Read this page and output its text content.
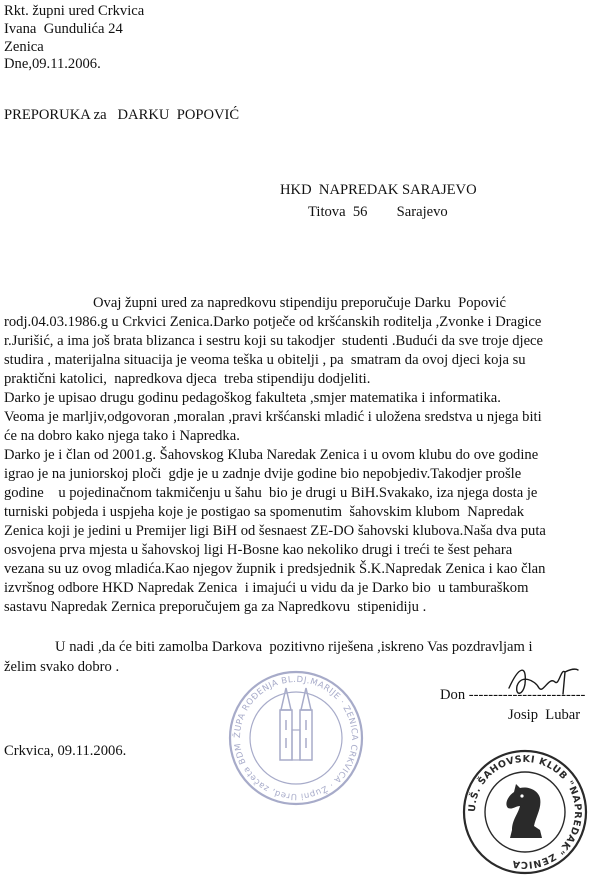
Rkt. župni ured Crkvica
Ivana  Gundulića 24
Zenica
Dne,09.11.2006.
PREPORUKA za   DARKU  POPOVIĆ
HKD  NAPREDAK SARAJEVO
Titova  56        Sarajevo
Ovaj župni ured za napredkovu stipendiju preporučuje Darku  Popović
rodj.04.03.1986.g u Crkvici Zenica.Darko potječe od kršćanskih roditelja ,Zvonke i Dragice
r.Jurišić, a ima još brata blizanca i sestru koji su takodjer  studenti .Budući da sve troje djece
studira , materijalna situacija je veoma teška u obitelji , pa  smatram da ovoj djeci koja su
praktični katolici,  napredkova djeca  treba stipendiju dodjeliti.
Darko je upisao drugu godinu pedagoškog fakulteta ,smjer matematika i informatika.
Veoma je marljiv,odgovoran ,moralan ,pravi kršćanski mladić i uložena sredstva u njega biti
će na dobro kako njega tako i Napredka.
Darko je i član od 2001.g. Šahovskog Kluba Naredak Zenica i u ovom klubu do ove godine
igrao je na juniorskoj ploči  gdje je u zadnje dvije godine bio nepobjediv.Takodjer prošle
godine    u pojedinačnom takmičenju u šahu  bio je drugi u BiH.Svakako, iza njega dosta je
turniski pobjeda i uspjeha koje je postigao sa spomenutim  šahovskim klubom  Napredak
Zenica koji je jedini u Premijer ligi BiH od šesnaest ZE-DO šahovski klubova.Naša dva puta
osvojena prva mjesta u šahovskoj ligi H-Bosne kao nekoliko drugi i treći te šest pehara
vezana su uz ovog mladića.Kao njegov župnik i predsjednik Š.K.Napredak Zenica i kao član
izvršnog odbore HKD Napredak Zenica  i imajući u vidu da je Darko bio  u tamburaškom
sastavu Napredak Zernica preporučujem ga za Napredkovu  stipenidiju .
U nadi ,da će biti zamolba Darkova  pozitivno riješena ,iskreno Vas pozdravljam i
želim svako dobro .
Don ------------------------
Josip  Lubar
Crkvica, 09.11.2006.
ŽUPA ROĐENJA BL.DJ.MARIJE · ZENICA CRKVICA · Župni Ured, začeta BDM
U.Š. ŠAHOVSKI KLUB "NAPREDAK" ZENICA
